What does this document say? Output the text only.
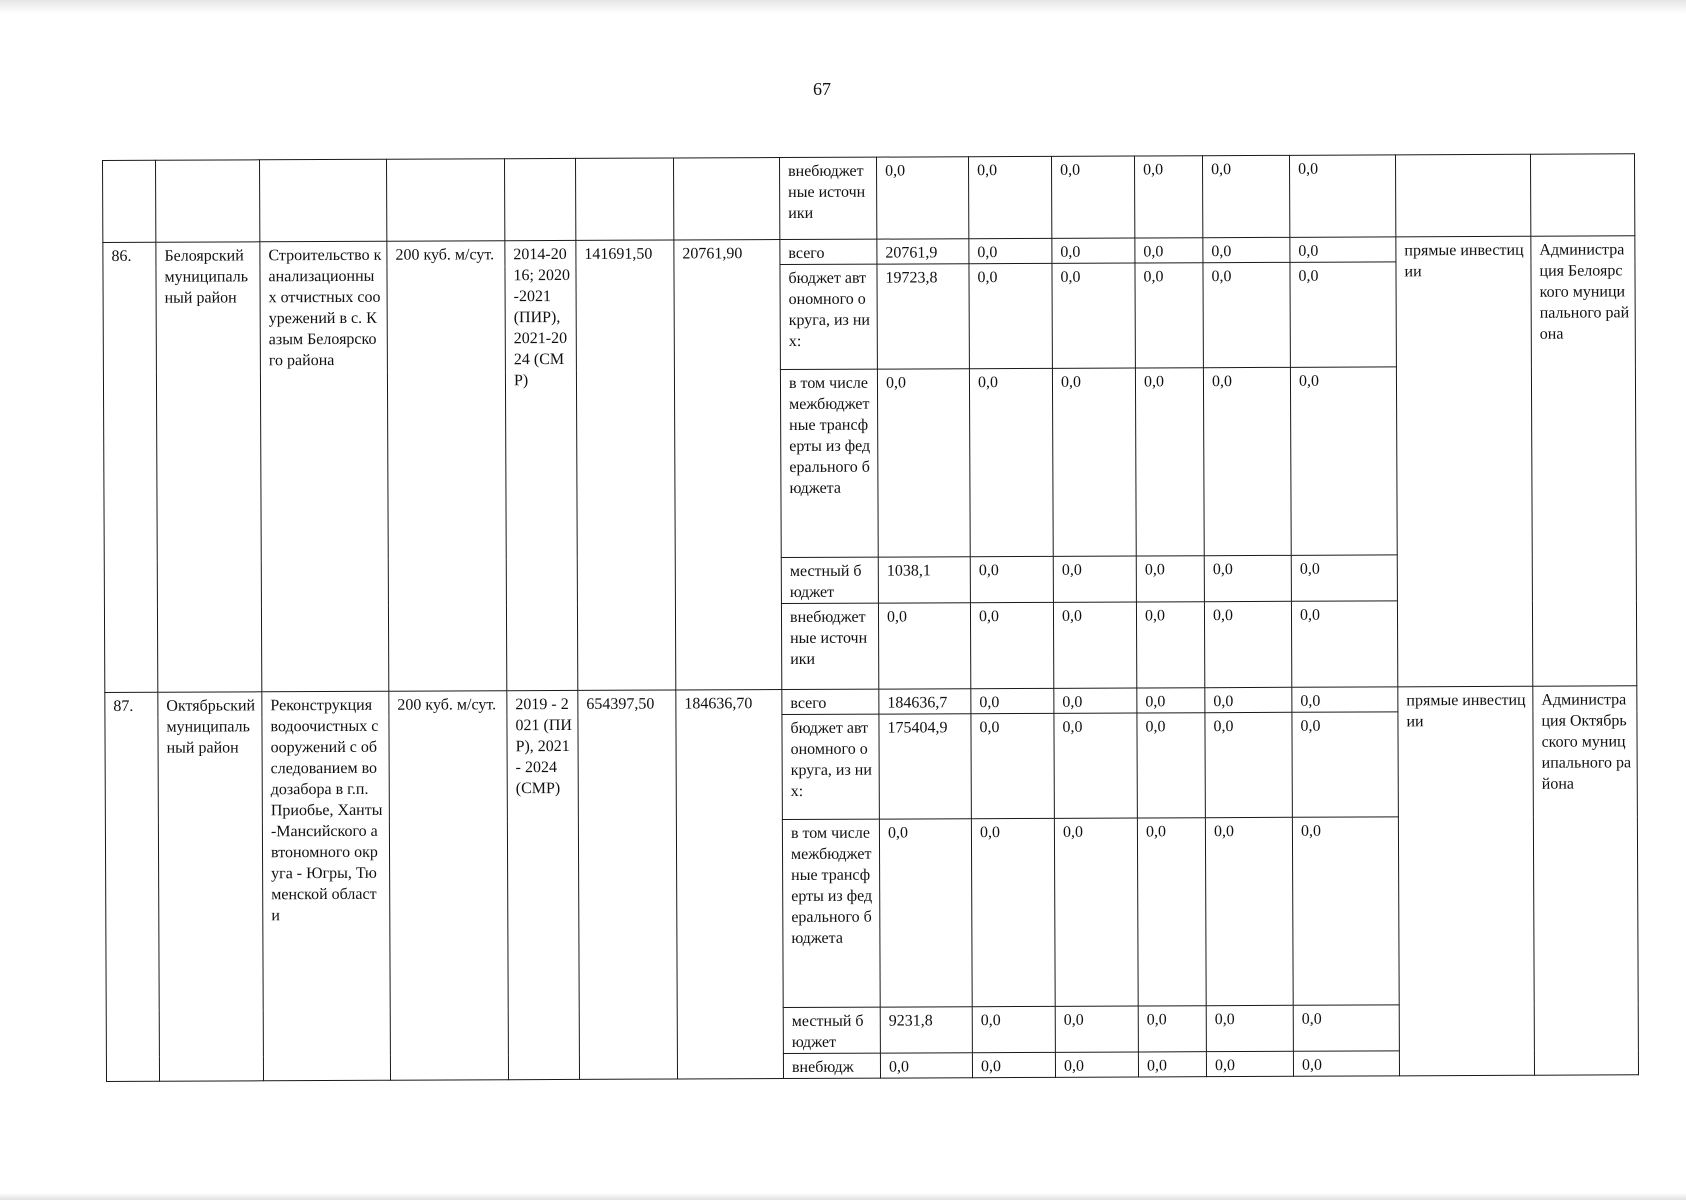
67
							внебюджетные источники	0,0	0,0	0,0	0,0	0,0	0,0		
86.	Белоярский муниципальный район	Строительство канализационных отчистных сооурежений в с. Казым Белоярского района	200 куб. м/сут.	2014-2016; 2020-2021 (ПИР), 2021-2024 (СМР)	141691,50	20761,90	всего	20761,9	0,0	0,0	0,0	0,0	0,0	прямые инвестиции	Администрация Белоярского муниципального района
							бюджет автономного округа, из них:	19723,8	0,0	0,0	0,0	0,0	0,0		
							в том числе межбюджетные трансферты из федерального бюджета	0,0	0,0	0,0	0,0	0,0	0,0		
							местный бюджет	1038,1	0,0	0,0	0,0	0,0	0,0		
							внебюджетные источники	0,0	0,0	0,0	0,0	0,0	0,0		
87.	Октябрьский муниципальный район	Реконструкция водоочистных сооружений с обследованием водозабора в г.п. Приобье, Ханты-Мансийского автономного округа - Югры, Тюменской области	200 куб. м/сут.	2019 - 2021 (ПИР), 2021 - 2024 (СМР)	654397,50	184636,70	всего	184636,7	0,0	0,0	0,0	0,0	0,0	прямые инвестиции	Администрация Октябрьского муниципального района
							бюджет автономного округа, из них:	175404,9	0,0	0,0	0,0	0,0	0,0		
							в том числе межбюджетные трансферты из федерального бюджета	0,0	0,0	0,0	0,0	0,0	0,0		
							местный бюджет	9231,8	0,0	0,0	0,0	0,0	0,0		
							внебюдж	0,0	0,0	0,0	0,0	0,0	0,0		
